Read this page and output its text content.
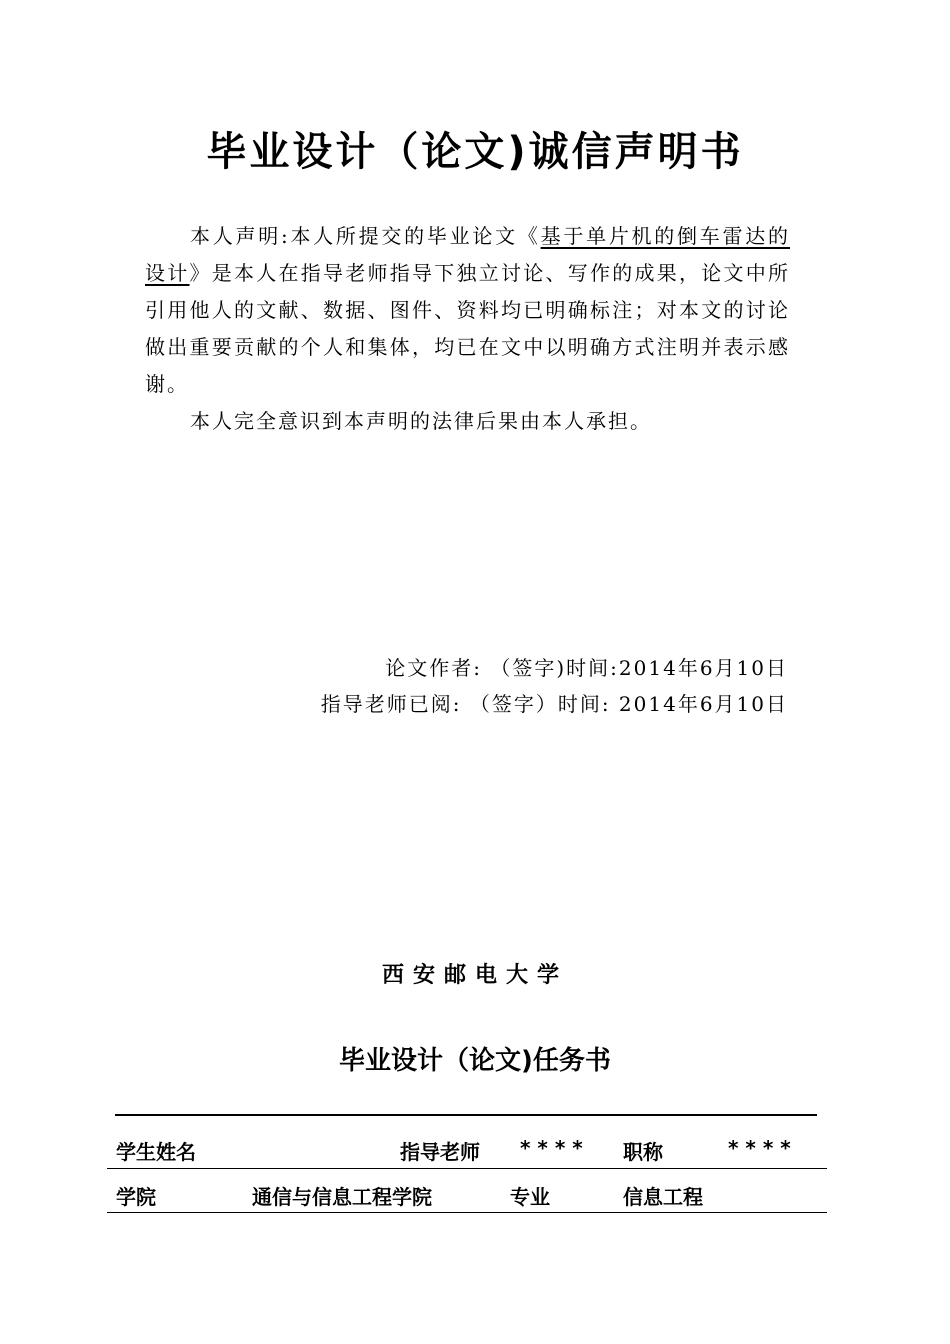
毕业设计（论文)诚信声明书

本人声明:本人所提交的毕业论文《基于单片机的倒车雷达的设计》是本人在指导老师指导下独立讨论、写作的成果，论文中所引用他人的文献、数据、图件、资料均已明确标注；对本文的讨论做出重要贡献的个人和集体，均已在文中以明确方式注明并表示感谢。

本人完全意识到本声明的法律后果由本人承担。

论文作者: （签字)时间:2014年6月10日
指导老师已阅: （签字）时间: 2014年6月10日
西安邮电大学
毕业设计（论文)任务书
学生姓名	指导老师 * * * * 职称	* * * *
学院	通信与信息工程学院	专业	信息工程
